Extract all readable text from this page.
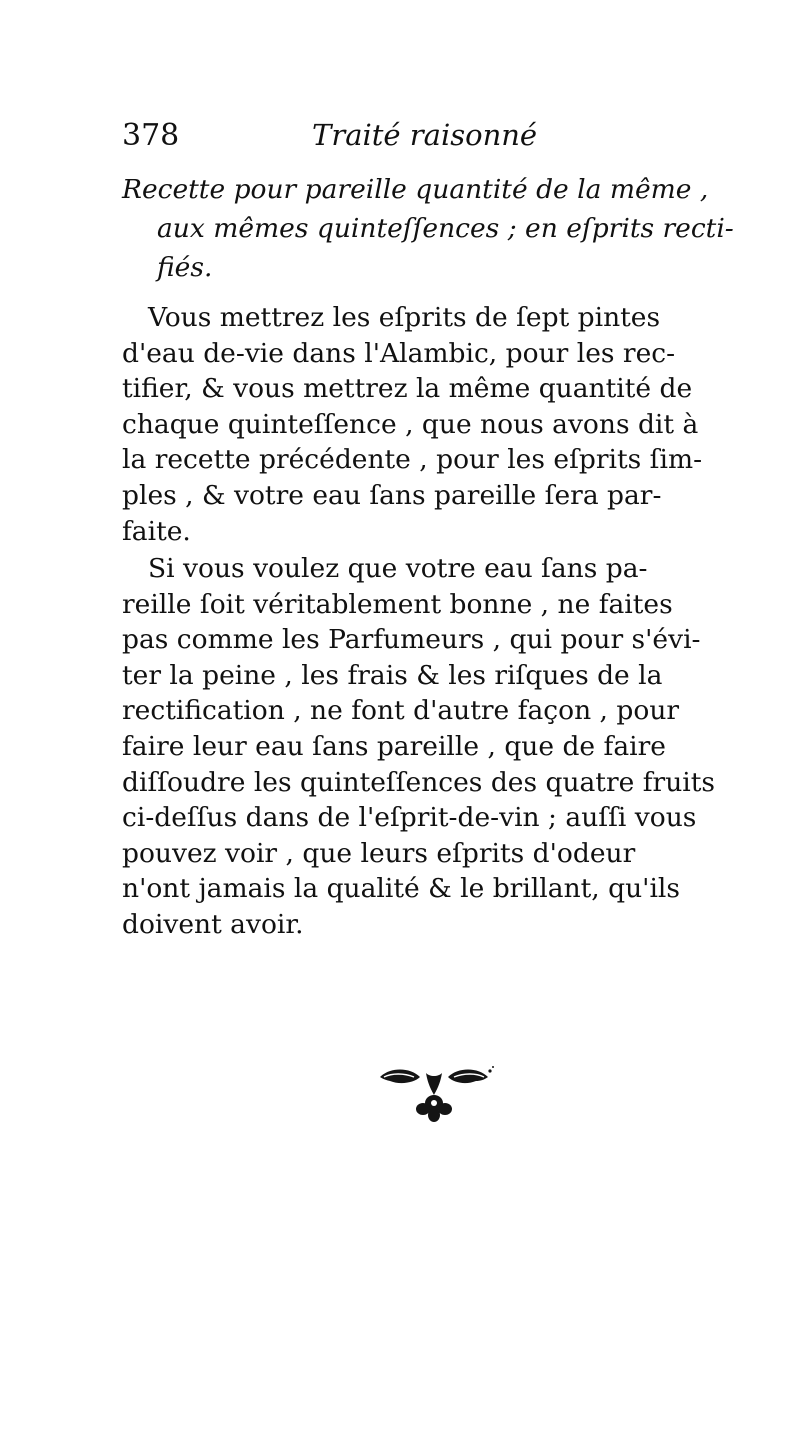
378	Traité raisonné
Recette pour pareille quantité de la même ,
aux mêmes quinteſſences ; en eſprits recti-
fiés.
Vous mettrez les eſprits de ſept pintes
d'eau de-vie dans l'Alambic, pour les rec-
tifier, & vous mettrez la même quantité de
chaque quinteſſence , que nous avons dit à
la recette précédente , pour les eſprits ſim-
ples , & votre eau ſans pareille ſera par-
faite.
Si vous voulez que votre eau ſans pa-
reille ſoit véritablement bonne , ne faites
pas comme les Parfumeurs , qui pour s'évi-
ter la peine , les frais & les riſques de la
rectification , ne font d'autre façon , pour
faire leur eau ſans pareille , que de faire
diſſoudre les quinteſſences des quatre fruits
ci-deſſus dans de l'eſprit-de-vin ; auſſi vous
pouvez voir , que leurs eſprits d'odeur
n'ont jamais la qualité & le brillant, qu'ils
doivent avoir.
